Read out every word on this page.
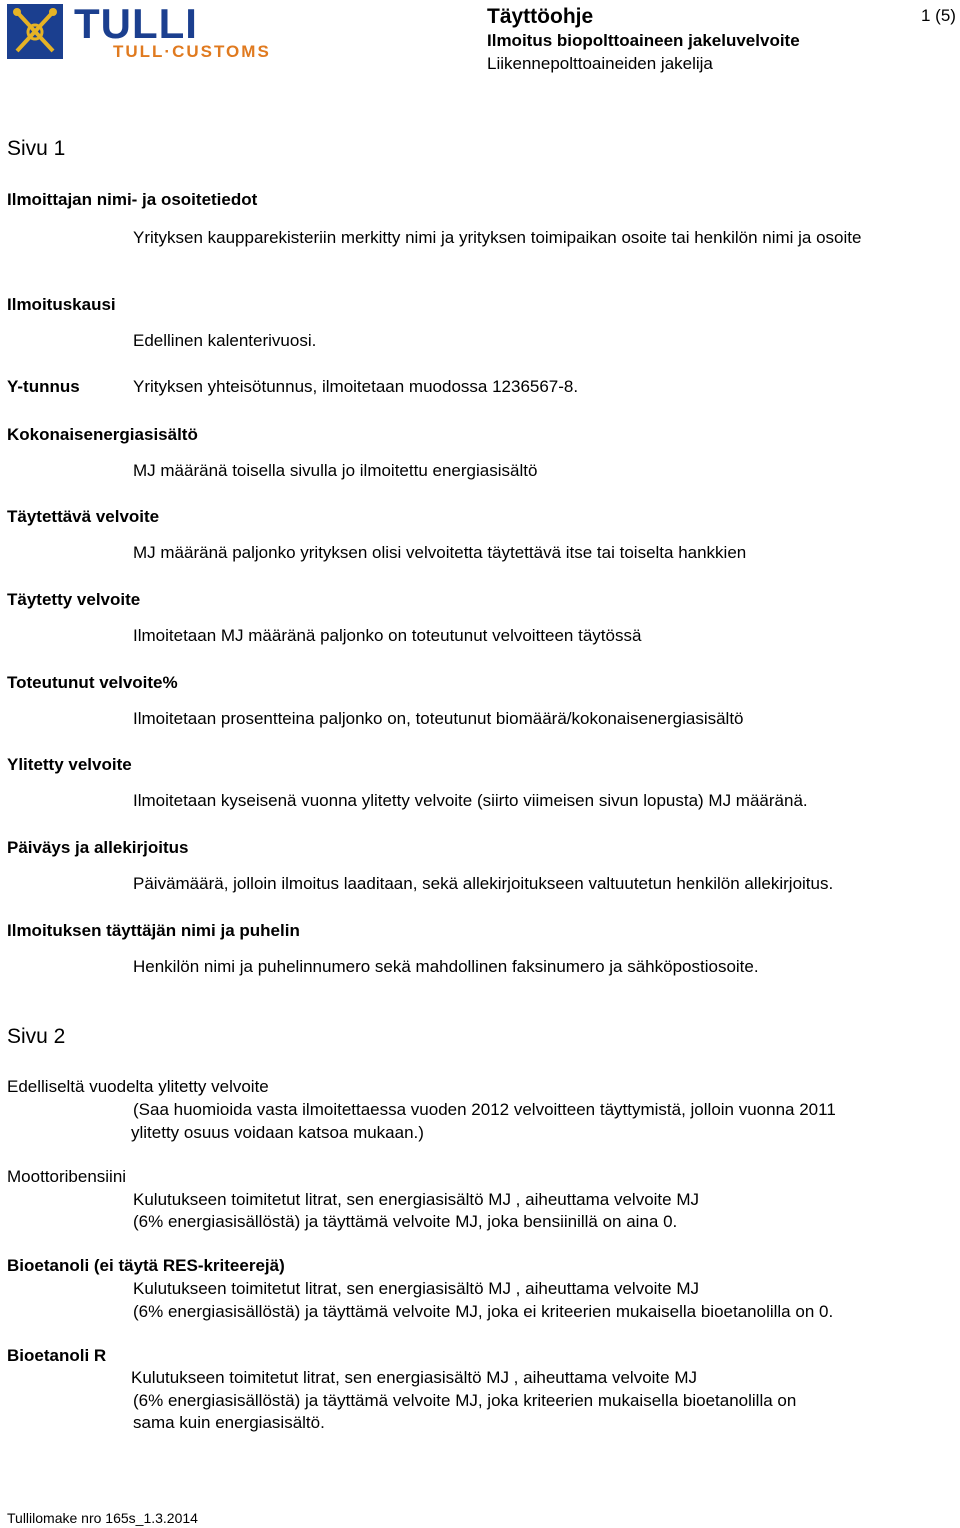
TULLI
TULL·CUSTOMS
Täyttöohje
Ilmoitus biopolttoaineen jakeluvelvoite
Liikennepolttoaineiden jakelija
1 (5)
Sivu 1
Ilmoittajan nimi- ja osoitetiedot
Yrityksen kaupparekisteriin merkitty nimi ja yrityksen toimipaikan osoite tai henkilön nimi ja osoite
Ilmoituskausi
Edellinen kalenterivuosi.
Y-tunnus	Yrityksen yhteisötunnus, ilmoitetaan muodossa 1236567-8.
Kokonaisenergiasisältö
MJ määränä toisella sivulla jo ilmoitettu energiasisältö
Täytettävä velvoite
MJ määränä paljonko yrityksen olisi velvoitetta täytettävä itse tai toiselta hankkien
Täytetty velvoite
Ilmoitetaan MJ määränä paljonko on toteutunut velvoitteen täytössä
Toteutunut velvoite%
Ilmoitetaan prosentteina paljonko on, toteutunut biomäärä/kokonaisenergiasisältö
Ylitetty velvoite
Ilmoitetaan kyseisenä vuonna ylitetty velvoite (siirto viimeisen sivun lopusta) MJ määränä.
Päiväys ja allekirjoitus
Päivämäärä, jolloin ilmoitus laaditaan, sekä allekirjoitukseen valtuutetun henkilön allekirjoitus.
Ilmoituksen täyttäjän nimi ja puhelin
Henkilön nimi ja puhelinnumero sekä mahdollinen faksinumero ja sähköpostiosoite.
Sivu 2
Edelliseltä vuodelta ylitetty velvoite
(Saa huomioida vasta ilmoitettaessa vuoden 2012 velvoitteen täyttymistä, jolloin vuonna 2011
ylitetty osuus voidaan katsoa mukaan.)
Moottoribensiini
Kulutukseen toimitetut litrat, sen energiasisältö MJ , aiheuttama velvoite MJ
(6% energiasisällöstä) ja täyttämä velvoite MJ, joka bensiinillä on aina 0.
Bioetanoli (ei täytä RES-kriteerejä)
Kulutukseen toimitetut litrat, sen energiasisältö MJ , aiheuttama velvoite MJ
(6% energiasisällöstä) ja täyttämä velvoite MJ, joka ei kriteerien mukaisella bioetanolilla on 0.
Bioetanoli R
Kulutukseen toimitetut litrat, sen energiasisältö MJ , aiheuttama velvoite MJ
(6% energiasisällöstä) ja täyttämä velvoite MJ, joka kriteerien mukaisella bioetanolilla on
sama kuin energiasisältö.
Tullilomake nro 165s_1.3.2014
